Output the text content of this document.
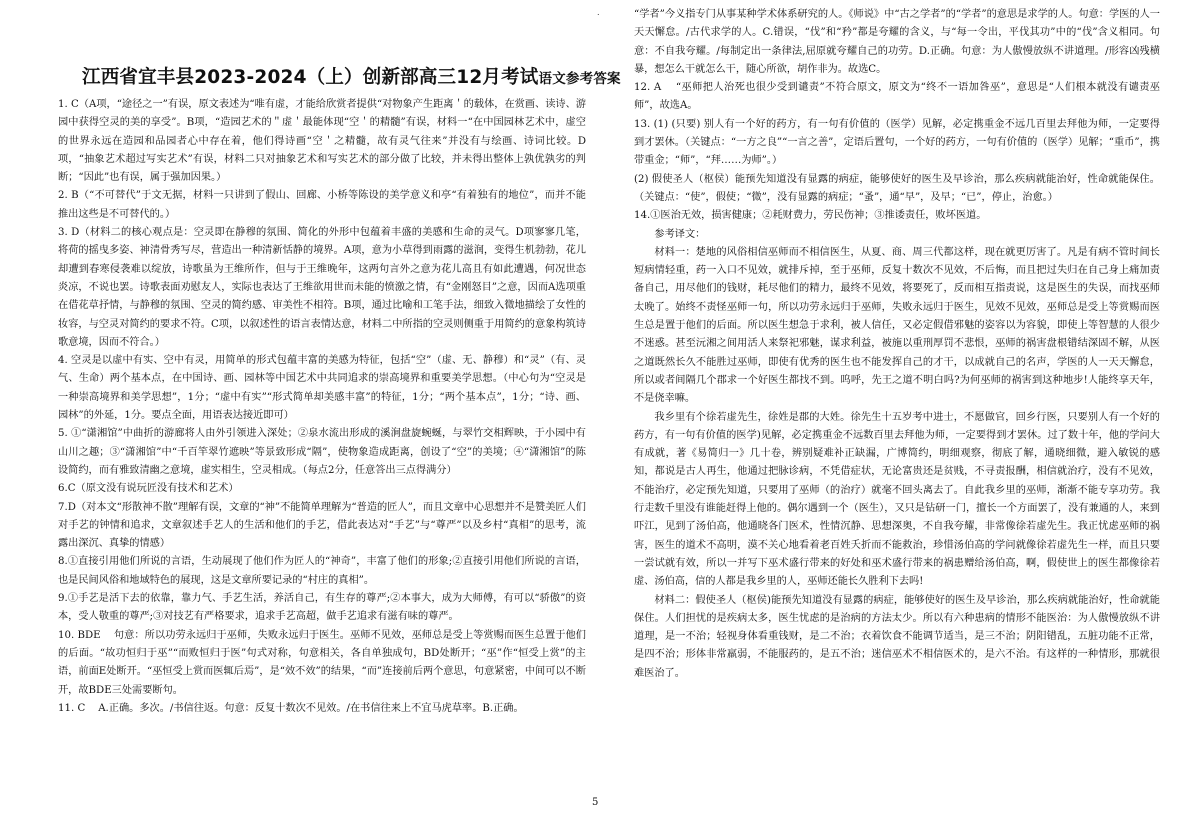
.
江西省宜丰县2023-2024（上）创新部高三12月考试语文参考答案

1. C（A项，“途径之一”有误，原文表述为“唯有虚，才能给欣赏者提供“对物象产生距离＇的载体，在赏画、读诗、游园中获得空灵的美的享受”。B项，“造园艺术的＂虚＇最能体现“空＇的精髓”有误，材料一“在中国园林艺术中，虚空的世界永远在造园和品园者心中存在着，他们得诗画“空＇之精髓，故有灵气往来”并没有与绘画、诗词比较。D项，“抽象艺术超过写实艺术”有误，材料二只对抽象艺术和写实艺术的部分做了比较，并未得出整体上孰优孰劣的判断；“因此”也有误，属于强加因果。）

2. B（“不可替代”于文无据，材料一只讲到了假山、回廊、小桥等陈设的美学意义和亭“有着独有的地位”，而并不能推出这些是不可替代的。）

3. D（材料二的核心观点是：空灵即在静穆的氛围、简化的外形中包蕴着丰盛的美感和生命的灵气。D项寥寥几笔，将荷的摇曳多姿、神清骨秀写尽，营造出一种清新恬静的境界。A项，意为小草得到雨露的滋润，变得生机勃勃，花儿却遭到春寒侵袭难以绽放，诗歌虽为王维所作，但与于王维晚年，这两句言外之意为花儿高且有如此遭遇，何况世态炎凉，不说也罢。诗歌表面劝慰友人，实际也表达了王维欲用世而未能的愤激之情，有“金刚怒目”之意，因而A选项重在借花草抒情，与静穆的氛围、空灵的简约感、审美性不相符。B项，通过比喻和工笔手法，细致入微地描绘了女性的妆容，与空灵对简约的要求不符。C项，以叙述性的语言表情达意，材料二中所指的空灵则侧重于用简约的意象构筑诗歌意境，因而不符合。）

4. 空灵是以虚中有实、空中有灵，用简单的形式包蕴丰富的美感为特征，包括“空”（虚、无、静穆）和“灵”（有、灵气、生命）两个基本点，在中国诗、画、园林等中国艺术中共同追求的崇高境界和重要美学思想。（中心句为“空灵是一种崇高境界和美学思想”，1分；“虚中有实”“形式简单却美感丰富”的特征，1分；“两个基本点”，1分；“诗、画、园林”的外延，1分。要点全面，用语表达接近即可）

5. ①“潇湘馆”中曲折的游廊将人由外引领进入深处；②泉水流出形成的溪涧盘旋蜿蜒，与翠竹交相辉映，于小园中有山川之趣；③“潇湘馆”中“千百竿翠竹遮映”等景致形成“隔”，使物象造成距离，创设了“空”的美境；④“潇湘馆”的陈设简约，而有雅致清幽之意境，虚实相生，空灵相成。（每点2分，任意答出三点得满分）

6.C（原文没有说玩匠没有技术和艺术）

7.D（对本文“形散神不散”理解有误，文章的“神”不能简单理解为“普造的匠人”，而且文章中心思想并不是赞美匠人们对手艺的钟情和追求，文章叙述手艺人的生活和他们的手艺，借此表达对“手艺”与“尊严”以及乡村“真相”的思考，流露出深沉、真挚的情感）

8.①直接引用他们所说的言语，生动展现了他们作为匠人的“神奇”，丰富了他们的形象;②直接引用他们所说的言语，也是民间风俗和地域特色的展现，这是文章所要记录的“村庄的真相”。

9.①手艺是活下去的依靠，靠力气、手艺生活，养活自己，有生存的尊严;②本事大，成为大师傅，有可以“骄傲”的资本，受人敬重的尊严;③对技艺有严格要求，追求手艺高超，做手艺追求有滋有味的尊严。

10. BDE    句意：所以功劳永远归于巫师，失败永远归于医生。巫师不见效，巫师总是受上等赏赐而医生总置于他们的后面。“故功恒归于巫”“而败恒归于医”句式对称，句意相关，各自单独成句，BD处断开；“巫”作“恒受上赏”的主语，前面E处断开。“巫恒受上赏而医辄后焉”，是“效不效”的结果，“而”连接前后两个意思，句意紧密，中间可以不断开，故BDE三处需要断句。

11. C    A.正确。多次。/书信往返。句意：反复十数次不见效。/在书信往来上不宜马虎草率。B.正确。

“学者”今义指专门从事某种学术体系研究的人。《师说》中“古之学者”的“学者”的意思是求学的人。句意：学医的人一天天懈怠。/古代求学的人。C.错误，“伐”和“矜”都是夸耀的含义，与“每一令出，平伐其功”中的“伐”含义相同。句意：不自我夸耀。/每制定出一条律法,屈原就夸耀自己的功劳。D.正确。句意：为人傲慢放纵不讲道理。/形容凶残横暴，想怎么干就怎么干，随心所欲，胡作非为。故选C。

12. A    “巫师把人治死也很少受到谴责”不符合原文，原文为“终不一语加咎巫”，意思是“人们根本就没有谴责巫师”，故选A。

13. (1) (只要) 别人有一个好的药方，有一句有价值的（医学）见解，必定携重金不远几百里去拜他为师，一定要得到才罢休。（关键点：“一方之良”“一言之善”，定语后置句，一个好的药方，一句有价值的（医学）见解；“重币”，携带重金；“师”，“拜……为师”。）

(2) 假使圣人（枢侯）能预先知道没有显露的病症，能够使好的医生及早诊治，那么疾病就能治好，性命就能保住。（关键点：“使”，假使；“微”，没有显露的病症；“蚤”，通“早”，及早；“已”，停止，治愈。）

14.①医治无效，损害健康；②耗财费力，劳民伤神；③推诿责任，败坏医道。

参考译文：

材料一：楚地的风俗相信巫师而不相信医生，从夏、商、周三代都这样，现在就更厉害了。凡是有病不管时间长短病情轻重，药一入口不见效，就排斥掉，至于巫师，反复十数次不见效，不后悔，而且把过失归在自己身上痛加责备自己，用尽他们的钱财，耗尽他们的精力，最终不见效，将要死了，反而相互指责说，这是医生的失误，而找巫师太晚了。始终不责怪巫师一句，所以功劳永远归于巫师，失败永远归于医生，见效不见效，巫师总是受上等赏赐而医生总是置于他们的后面。所以医生想急于求利，被人信任，又必定假借邪魅的姿容以为容貌，即使上等智慧的人很少不迷惑。甚至沅湘之间用活人来祭祀邪魅，谋求利益，被施以重刑厚罚不悲恨，巫师的祸害盘根错结深固不解，从医之道既然长久不能胜过巫师，即使有优秀的医生也不能发挥自己的才干，以成就自己的名声，学医的人一天天懈怠，所以或者间隔几个郡求一个好医生都找不到。呜呼，先王之道不明白吗?为何巫师的祸害到这种地步!人能终享天年，不是侥幸嘛。

我乡里有个徐若虚先生，徐姓是郡的大姓。徐先生十五岁考中进士，不愿做官，回乡行医，只要别人有一个好的药方，有一句有价值的医学)见解，必定携重金不远数百里去拜他为师，一定要得到才罢休。过了数十年，他的学问大有成就，著《易简归一》几十卷，辨别疑难补正缺漏，广博简约，明细观察，彻底了解，通晓细微，避入敏锐的感知，都说是古人再生，他通过把脉诊病，不凭借症状，无论富贵还是贫贱，不寻责报酬，相信就治疗，没有不见效，不能治疗，必定预先知道，只要用了巫师（的治疗）就毫不回头离去了。自此我乡里的巫师，渐渐不能专享功劳。我行走数千里没有谁能赶得上他的。偶尔遇到一个（医生），又只是钻研一门，擅长一个方面罢了，没有兼通的人，来到吓江，见到了汤伯高，他通晓各门医术，性情沉静、思想深奥，不自我夸耀，非常像徐若虚先生。我正忧虑巫师的祸害，医生的道术不高明，漠不关心地看着老百姓夭折而不能救治，珍惜汤伯高的学问就像徐若虚先生一样，而且只要一尝试就有效，所以一并写下巫术盛行带来的好处和巫术盛行带来的祸患赠给汤伯高，啊，假使世上的医生都像徐若虚、汤伯高，信的人都是我乡里的人，巫师还能长久胜利下去吗!

材料二：假使圣人（枢侯)能预先知道没有显露的病症，能够使好的医生及早诊治，那么疾病就能治好，性命就能保住。人们担忧的是疾病太多，医生忧虑的是治病的方法太少。所以有六种患病的情形不能医治：为人傲慢放纵不讲道理，是一不治；轻视身体看重钱财，是二不治；衣着饮食不能调节适当，是三不治；阴阳错乱，五脏功能不正常，是四不治；形体非常羸弱，不能服药的，是五不治；迷信巫术不相信医术的，是六不治。有这样的一种情形，那就很难医治了。

5
